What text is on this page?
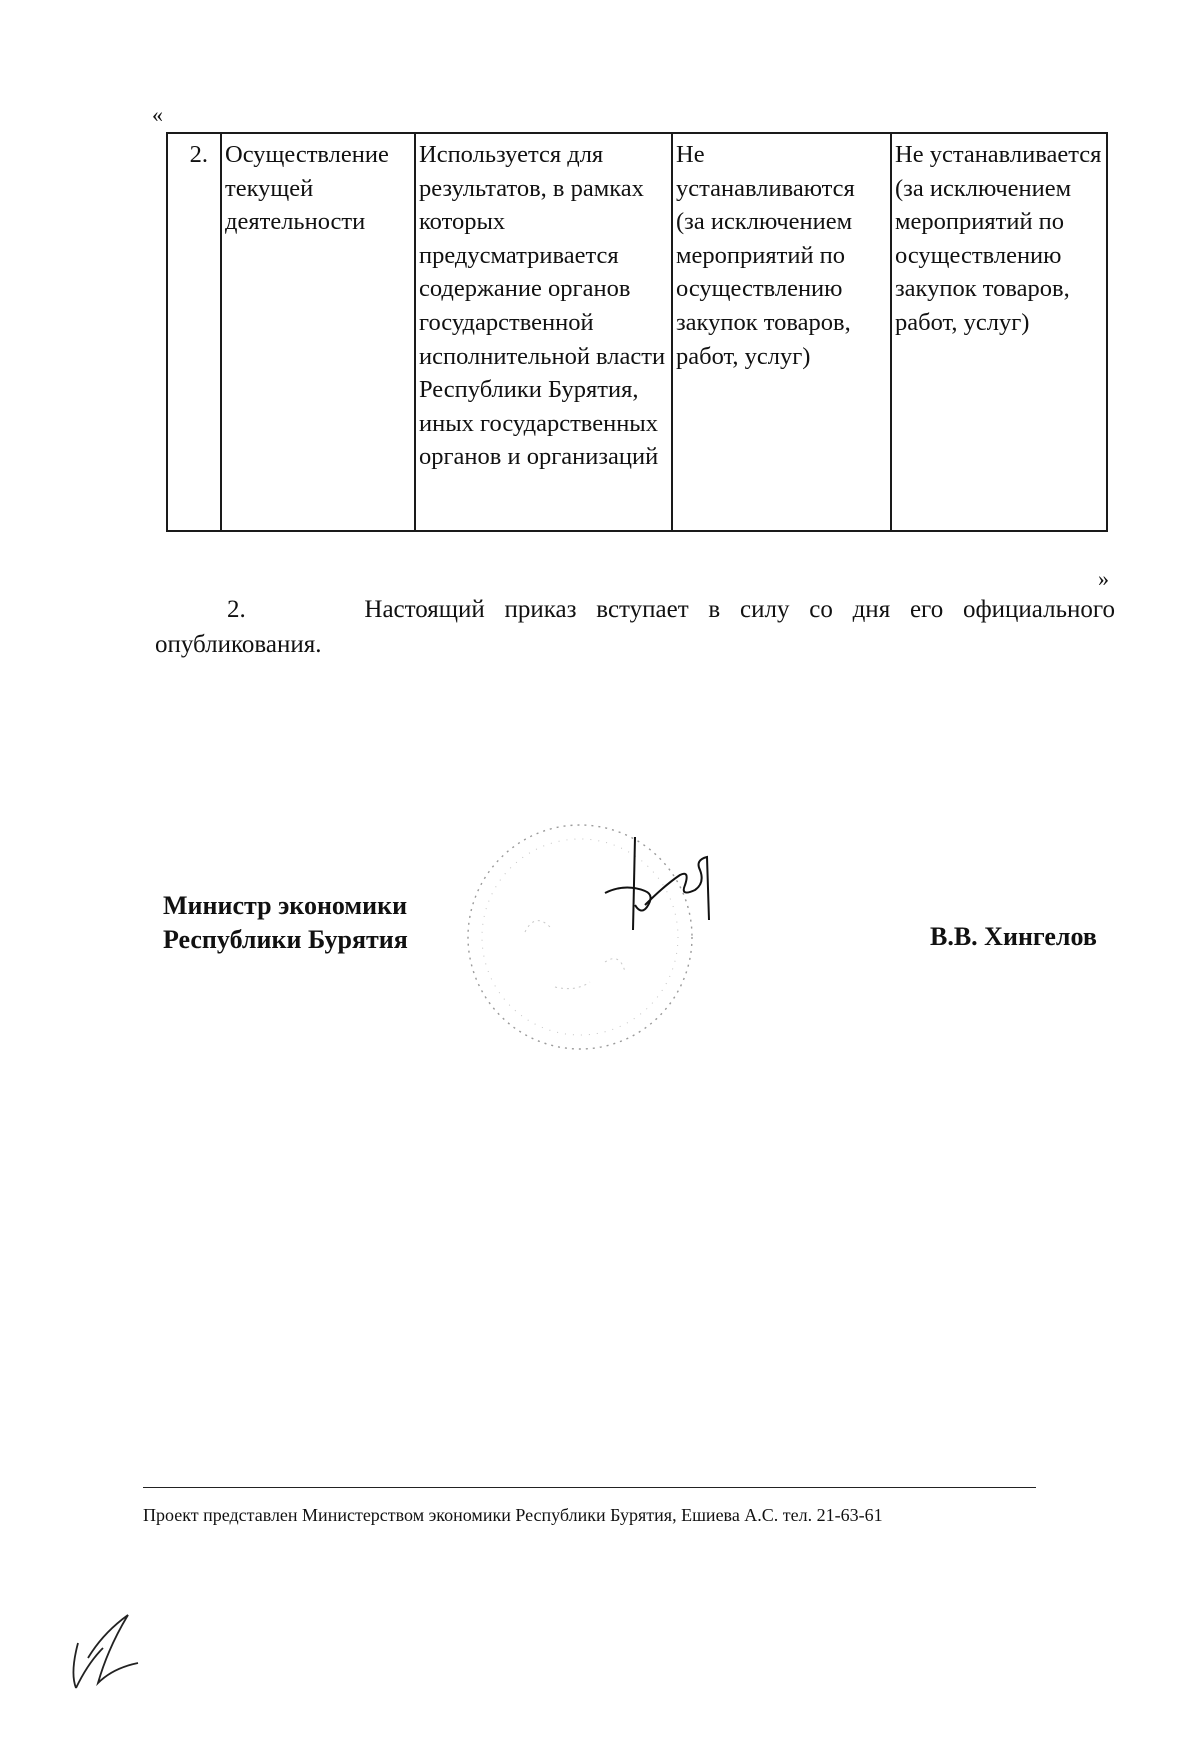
«
2.	Осуществление текущей деятельности	Используется для результатов, в рамках которых предусматривается содержание органов государственной исполнительной власти Республики Бурятия, иных государственных органов и организаций	Не устанавливаются (за исключением мероприятий по осуществлению закупок товаров, работ, услуг)	Не устанавливается (за исключением мероприятий по осуществлению закупок товаров, работ, услуг)
»
2.	Настоящий приказ вступает в силу со дня его официального
опубликования.
Министр экономики
Республики Бурятия	В.В. Хингелов
Проект представлен Министерством экономики Республики Бурятия, Ешиева А.С. тел. 21-63-61
